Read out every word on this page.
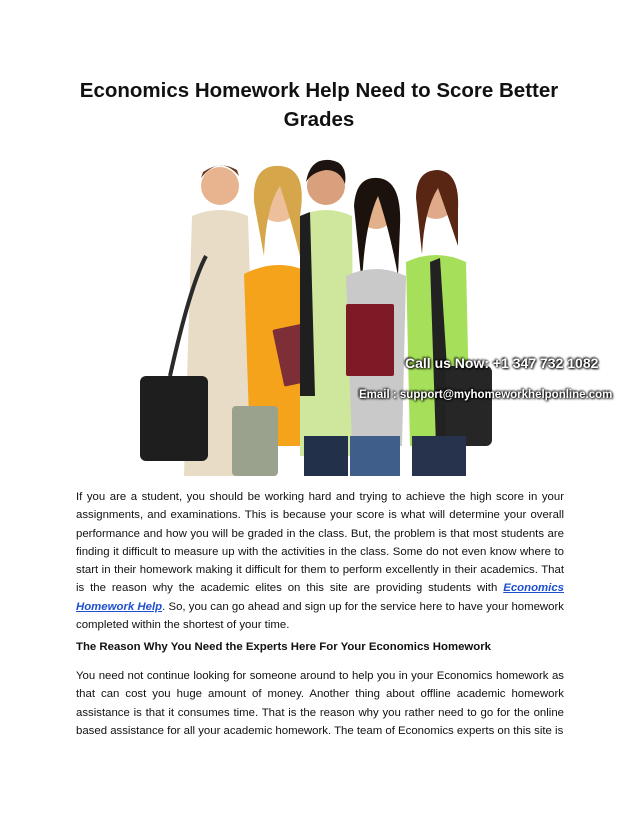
Economics Homework Help Need to Score Better Grades
Call us Now: +1 347 732 1082
Email : support@myhomeworkhelponline.com

If you are a student, you should be working hard and trying to achieve the high score in your assignments, and examinations. This is because your score is what will determine your overall performance and how you will be graded in the class. But, the problem is that most students are finding it difficult to measure up with the activities in the class. Some do not even know where to start in their homework making it difficult for them to perform excellently in their academics. That is the reason why the academic elites on this site are providing students with Economics Homework Help. So, you can go ahead and sign up for the service here to have your homework completed within the shortest of your time.

The Reason Why You Need the Experts Here For Your Economics Homework

You need not continue looking for someone around to help you in your Economics homework as that can cost you huge amount of money. Another thing about offline academic homework assistance is that it consumes time. That is the reason why you rather need to go for the online based assistance for all your academic homework. The team of Economics experts on this site is
